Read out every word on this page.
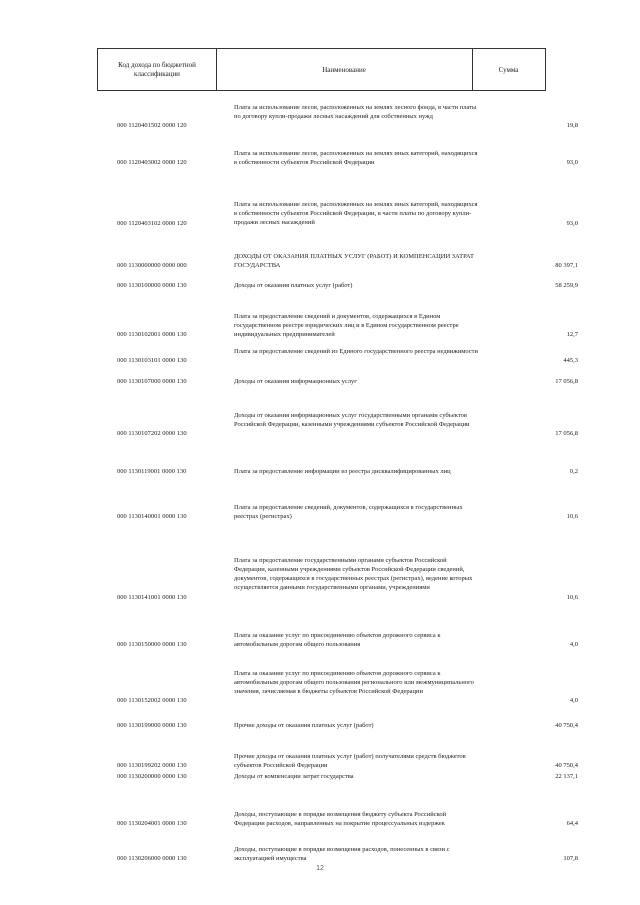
Код дохода по бюджетной классификации	Наименование	Сумма
Плата за использование лесов, расположенных на землях лесного фонда, в части платы по договору купли-продажи лесных насаждений для собственных нужд
000 1120401502 0000 120	19,8
Плата за использование лесов, расположенных на землях иных категорий, находящихся в собственности субъектов Российской Федерации
000 1120403002 0000 120	93,0
Плата за использование лесов, расположенных на землях иных категорий, находящихся в собственности субъектов Российской Федерации, в части платы по договору купли-продажи лесных насаждений
000 1120403102 0000 120	93,0
ДОХОДЫ ОТ ОКАЗАНИЯ ПЛАТНЫХ УСЛУГ (РАБОТ) И КОМПЕНСАЦИИ ЗАТРАТ ГОСУДАРСТВА
000 1130000000 0000 000	80 397,1
Доходы от оказания платных услуг (работ)
000 1130100000 0000 130	58 259,9
Плата за предоставление сведений и документов, содержащихся в Едином государственном реестре юридических лиц и в Едином государственном реестре индивидуальных предпринимателей
000 1130102001 0000 130	12,7
Плата за предоставление сведений из Единого государственного реестра недвижимости
000 1130103101 0000 130	445,3
Доходы от оказания информационных услуг
000 1130107000 0000 130	17 056,8
Доходы от оказания информационных услуг государственными органами субъектов Российской Федерации, казенными учреждениями субъектов Российской Федерации
000 1130107202 0000 130	17 056,8
Плата за предоставление информации из реестра дисквалифицированных лиц
000 1130119001 0000 130	0,2
Плата за предоставление сведений, документов, содержащихся в государственных реестрах (регистрах)
000 1130140001 0000 130	10,6
Плата за предоставление государственными органами субъектов Российской Федерации, казенными учреждениями субъектов Российской Федерации сведений, документов, содержащихся в государственных реестрах (регистрах), ведение которых осуществляется данными государственными органами, учреждениями
000 1130141001 0000 130	10,6
Плата за оказание услуг по присоединению объектов дорожного сервиса к автомобильным дорогам общего пользования
000 1130150000 0000 130	4,0
Плата за оказание услуг по присоединению объектов дорожного сервиса к автомобильным дорогам общего пользования регионального или межмуниципального значения, зачисляемая в бюджеты субъектов Российской Федерации
000 1130152002 0000 130	4,0
Прочие доходы от оказания платных услуг (работ)
000 1130199000 0000 130	40 750,4
Прочие доходы от оказания платных услуг (работ) получателями средств бюджетов субъектов Российской Федерации
000 1130199202 0000 130	40 750,4
Доходы от компенсации затрат государства
000 1130200000 0000 130	22 137,1
Доходы, поступающие в порядке возмещения бюджету субъекта Российской Федерации расходов, направленных на покрытие процессуальных издержек
000 1130204001 0000 130	64,4
Доходы, поступающие в порядке возмещения расходов, понесенных в связи с эксплуатацией имущества
000 1130206000 0000 130	107,8
12
